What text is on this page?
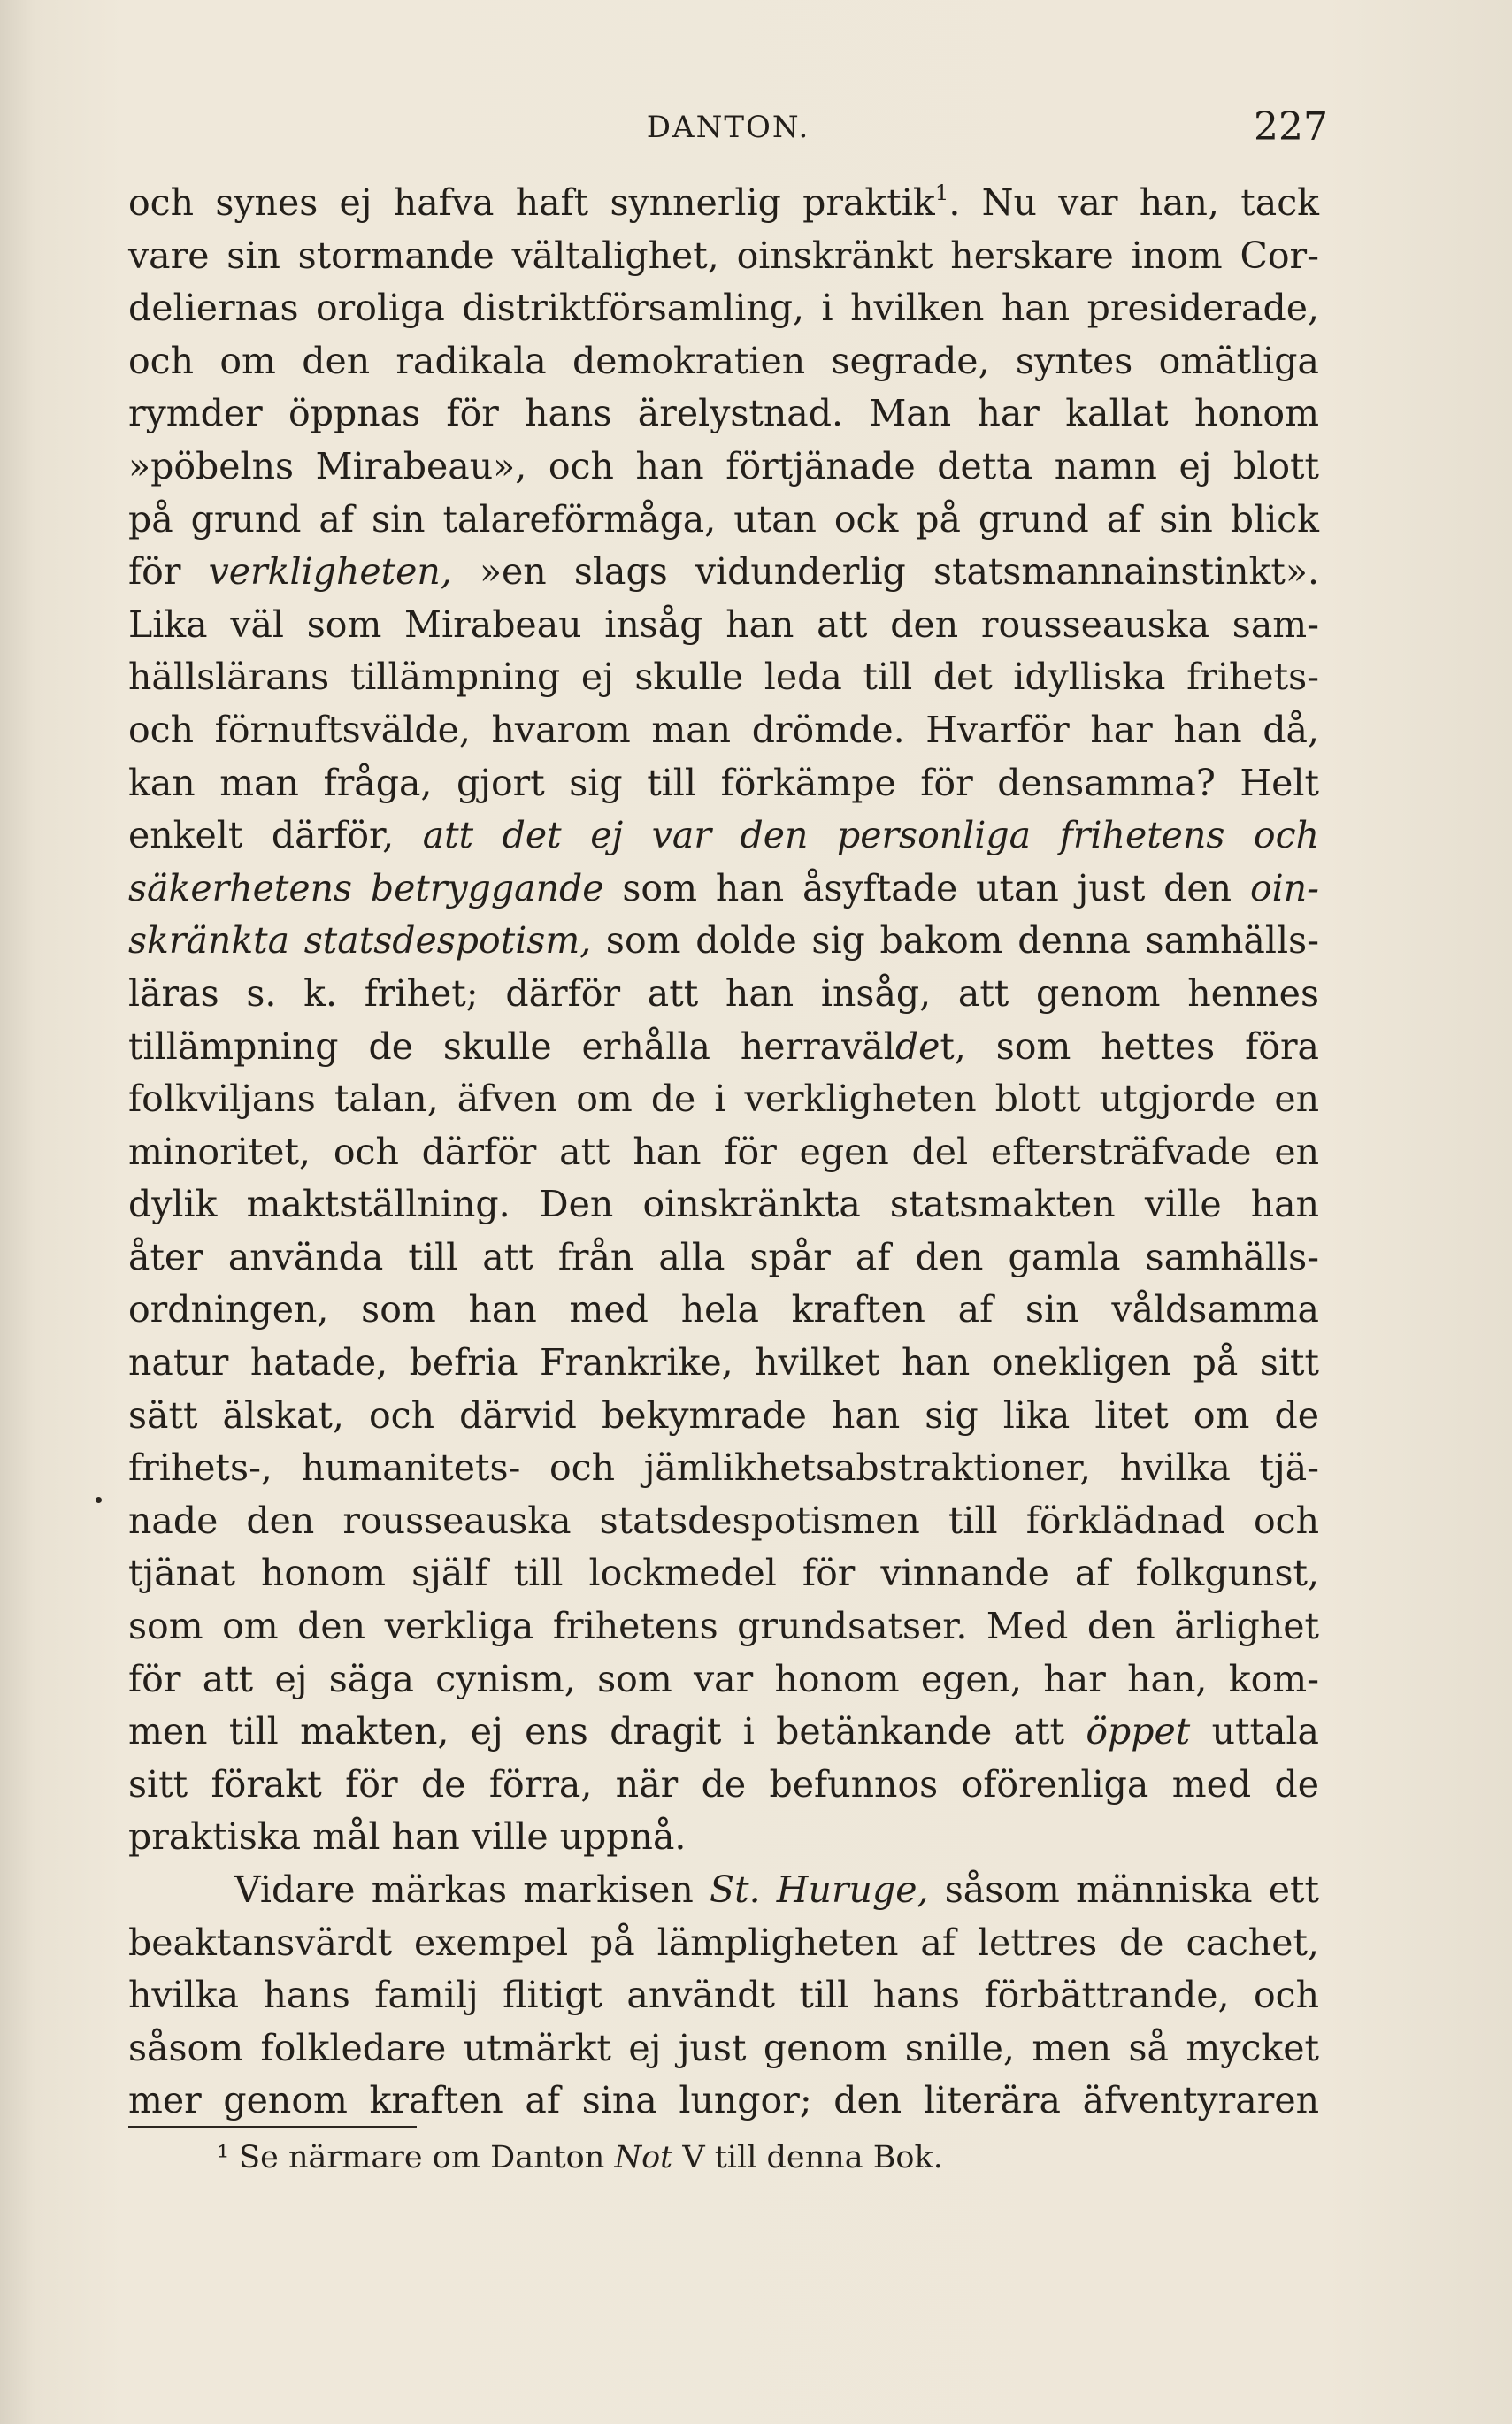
DANTON.	227
och synes ej hafva haft synnerlig praktik$^1$. Nu var han, tack
vare sin stormande vältalighet, oinskränkt herskare inom Cor-
deliernas oroliga distriktförsamling, i hvilken han presiderade,
och om den radikala demokratien segrade, syntes omätliga
rymder öppnas för hans ärelystnad. Man har kallat honom
»pöbelns Mirabeau», och han förtjänade detta namn ej blott
på grund af sin talareförmåga, utan ock på grund af sin blick
för verkligheten, »en slags vidunderlig statsmannainstinkt».
Lika väl som Mirabeau insåg han att den rousseauska sam-
hällslärans tillämpning ej skulle leda till det idylliska frihets-
och förnuftsvälde, hvarom man drömde. Hvarför har han då,
kan man fråga, gjort sig till förkämpe för densamma? Helt
enkelt därför, att det ej var den personliga frihetens och
säkerhetens betryggande som han åsyftade utan just den oin-
skränkta statsdespotism, som dolde sig bakom denna samhälls-
läras s. k. frihet; därför att han insåg, att genom hennes
tillämpning de skulle erhålla herraväldet, som hettes föra
folkviljans talan, äfven om de i verkligheten blott utgjorde en
minoritet, och därför att han för egen del eftersträfvade en
dylik maktställning. Den oinskränkta statsmakten ville han
åter använda till att från alla spår af den gamla samhälls-
ordningen, som han med hela kraften af sin våldsamma
natur hatade, befria Frankrike, hvilket han onekligen på sitt
sätt älskat, och därvid bekymrade han sig lika litet om de
frihets-, humanitets- och jämlikhetsabstraktioner, hvilka tjä-
nade den rousseauska statsdespotismen till förklädnad och
tjänat honom själf till lockmedel för vinnande af folkgunst,
som om den verkliga frihetens grundsatser. Med den ärlighet
för att ej säga cynism, som var honom egen, har han, kom-
men till makten, ej ens dragit i betänkande att öppet uttala
sitt förakt för de förra, när de befunnos oförenliga med de
praktiska mål han ville uppnå.
Vidare märkas markisen St. Huruge, såsom människa ett
beaktansvärdt exempel på lämpligheten af lettres de cachet,
hvilka hans familj flitigt användt till hans förbättrande, och
såsom folkledare utmärkt ej just genom snille, men så mycket
mer genom kraften af sina lungor; den literära äfventyraren
¹ Se närmare om Danton Not V till denna Bok.
